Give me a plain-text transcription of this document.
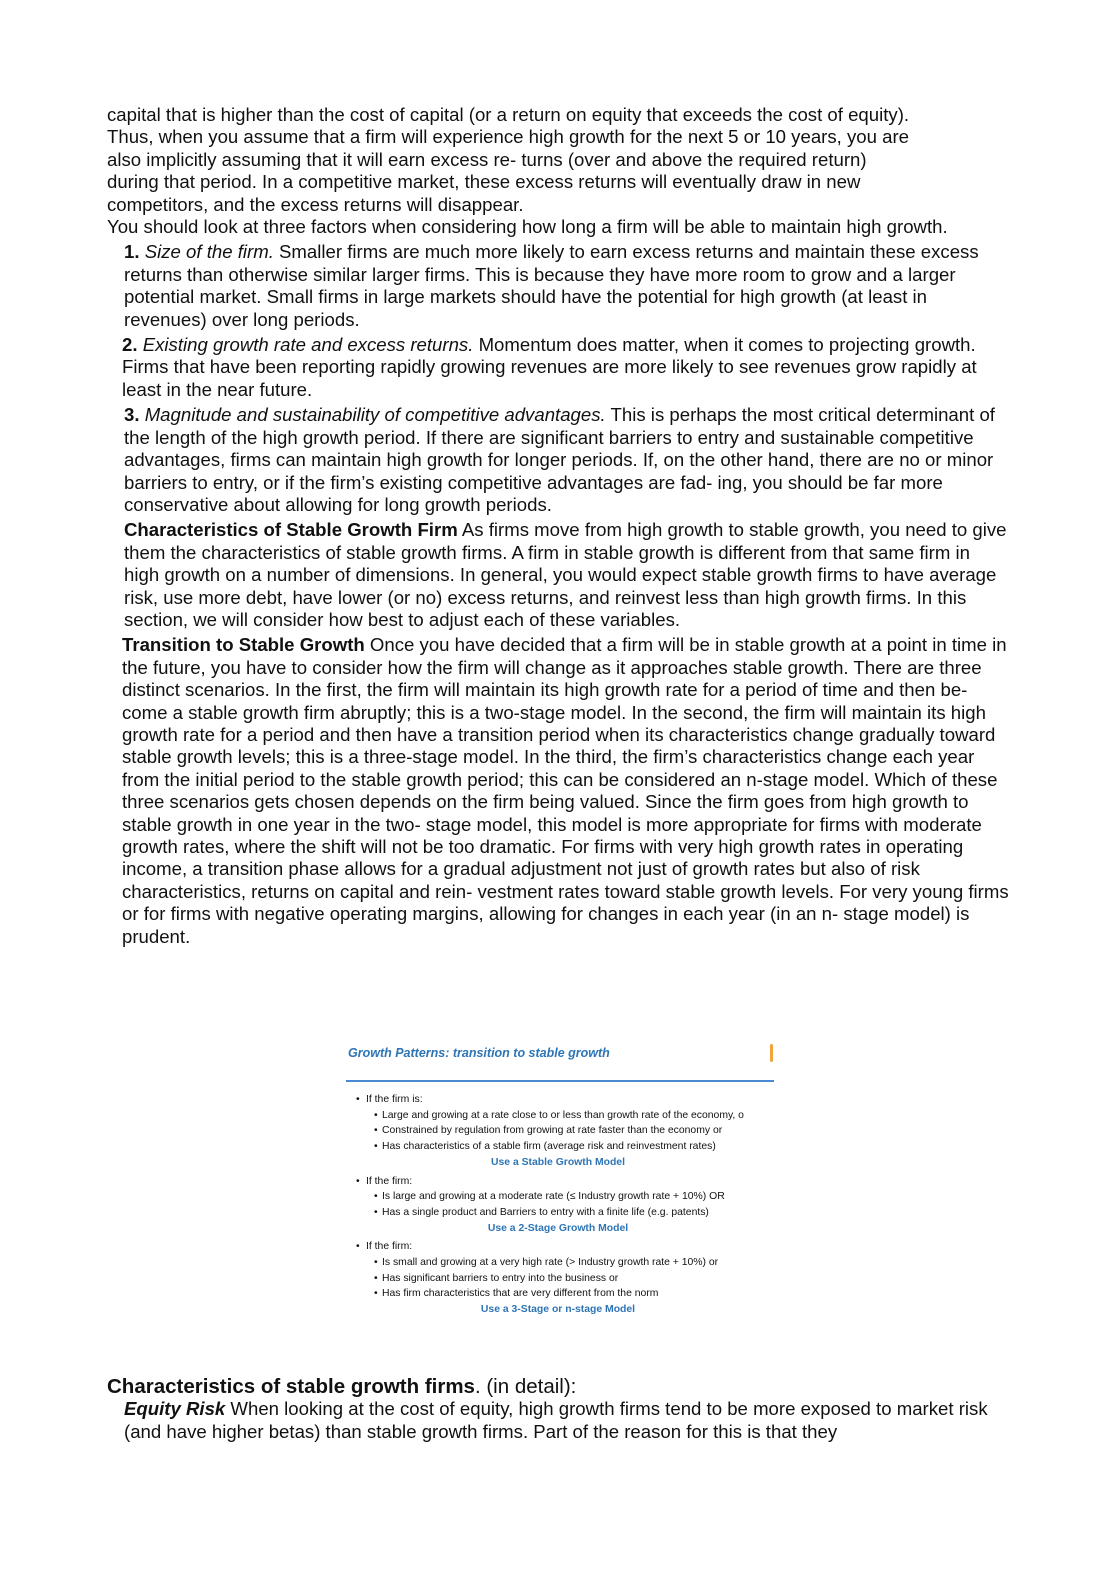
capital that is higher than the cost of capital (or a return on equity that exceeds the cost of equity).

Thus, when you assume that a firm will experience high growth for the next 5 or 10 years, you are

also implicitly assuming that it will earn excess re- turns (over and above the required return)

during that period. In a competitive market, these excess returns will eventually draw in new

competitors, and the excess returns will disappear.

You should look at three factors when considering how long a firm will be able to maintain high growth.

1. Size of the firm. Smaller firms are much more likely to earn excess returns and maintain these excess returns than otherwise similar larger firms. This is because they have more room to grow and a larger potential market. Small firms in large markets should have the potential for high growth (at least in revenues) over long periods.

2. Existing growth rate and excess returns. Momentum does matter, when it comes to projecting growth. Firms that have been reporting rapidly growing revenues are more likely to see revenues grow rapidly at least in the near future.

3. Magnitude and sustainability of competitive advantages. This is perhaps the most critical determinant of the length of the high growth period. If there are significant barriers to entry and sustainable competitive advantages, firms can maintain high growth for longer periods. If, on the other hand, there are no or minor barriers to entry, or if the firm’s existing competitive advantages are fad- ing, you should be far more conservative about allowing for long growth periods.

Characteristics of Stable Growth Firm As firms move from high growth to stable growth, you need to give them the characteristics of stable growth firms. A firm in stable growth is different from that same firm in high growth on a number of dimensions. In general, you would expect stable growth firms to have average risk, use more debt, have lower (or no) excess returns, and reinvest less than high growth firms. In this section, we will consider how best to adjust each of these variables.

Transition to Stable Growth Once you have decided that a firm will be in stable growth at a point in time in the future, you have to consider how the firm will change as it approaches stable growth. There are three distinct scenarios. In the first, the firm will maintain its high growth rate for a period of time and then be- come a stable growth firm abruptly; this is a two-stage model. In the second, the firm will maintain its high growth rate for a period and then have a transition period when its characteristics change gradually toward stable growth levels; this is a three-stage model. In the third, the firm’s characteristics change each year from the initial period to the stable growth period; this can be considered an n-stage model. Which of these three scenarios gets chosen depends on the firm being valued. Since the firm goes from high growth to stable growth in one year in the two- stage model, this model is more appropriate for firms with moderate growth rates, where the shift will not be too dramatic. For firms with very high growth rates in operating income, a transition phase allows for a gradual adjustment not just of growth rates but also of risk characteristics, returns on capital and rein- vestment rates toward stable growth levels. For very young firms or for firms with negative operating margins, allowing for changes in each year (in an n- stage model) is prudent.

Growth Patterns: transition to stable growth
• If the firm is:
• Large and growing at a rate close to or less than growth rate of the economy, o
• Constrained by regulation from growing at rate faster than the economy or
• Has characteristics of a stable firm (average risk and reinvestment rates)
Use a Stable Growth Model
• If the firm:
• Is large and growing at a moderate rate (≤ Industry growth rate + 10%) OR
• Has a single product and Barriers to entry with a finite life (e.g. patents)
Use a 2-Stage Growth Model
• If the firm:
• Is small and growing at a very high rate (> Industry growth rate + 10%) or
• Has significant barriers to entry into the business or
• Has firm characteristics that are very different from the norm
Use a 3-Stage or n-stage Model

Characteristics of stable growth firms. (in detail):

Equity Risk When looking at the cost of equity, high growth firms tend to be more exposed to market risk (and have higher betas) than stable growth firms. Part of the reason for this is that they
